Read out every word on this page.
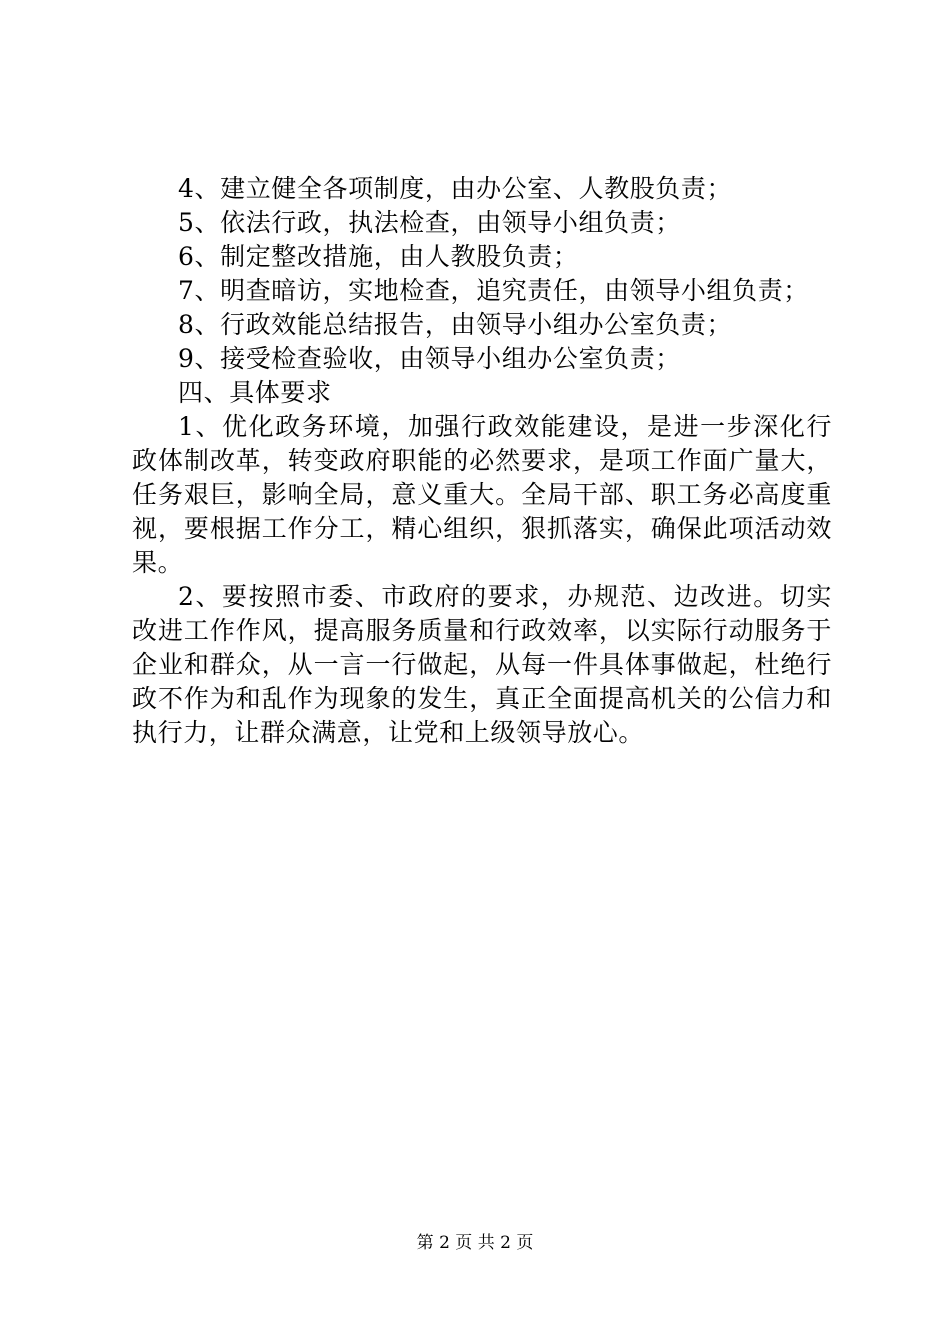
4、建立健全各项制度，由办公室、人教股负责；

5、依法行政，执法检查，由领导小组负责；

6、制定整改措施，由人教股负责；

7、明查暗访，实地检查，追究责任，由领导小组负责；

8、行政效能总结报告，由领导小组办公室负责；

9、接受检查验收，由领导小组办公室负责；

四、具体要求

1、优化政务环境，加强行政效能建设，是进一步深化行政体制改革，转变政府职能的必然要求，是项工作面广量大，任务艰巨，影响全局，意义重大。全局干部、职工务必高度重视，要根据工作分工，精心组织，狠抓落实，确保此项活动效果。

2、要按照市委、市政府的要求，办规范、边改进。切实改进工作作风，提高服务质量和行政效率，以实际行动服务于企业和群众，从一言一行做起，从每一件具体事做起，杜绝行政不作为和乱作为现象的发生，真正全面提高机关的公信力和执行力，让群众满意，让党和上级领导放心。

第 2 页 共 2 页
